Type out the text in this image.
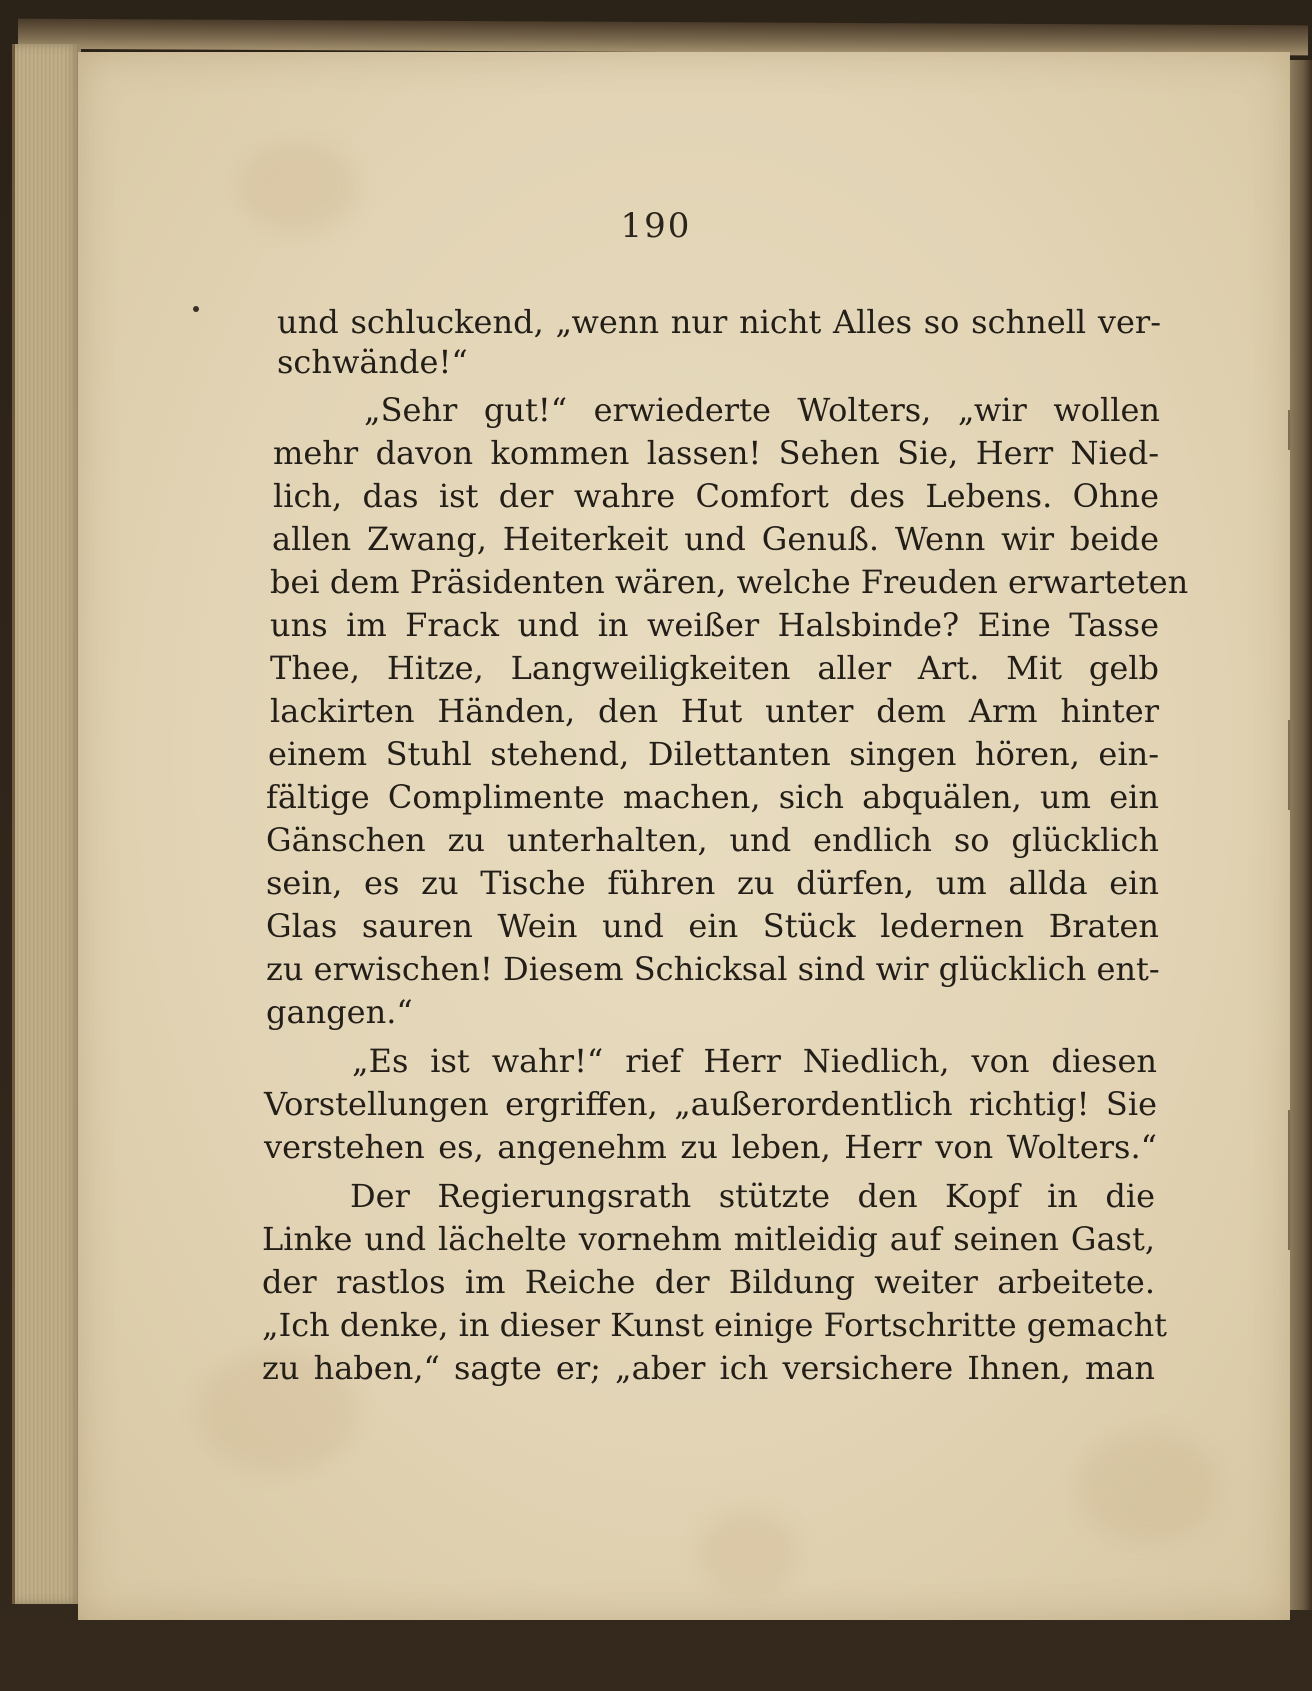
190
und schluckend, „wenn nur nicht Alles so schnell ver-
schwände!“
„Sehr gut!“ erwiederte Wolters, „wir wollen
mehr davon kommen lassen! Sehen Sie, Herr Nied-
lich, das ist der wahre Comfort des Lebens. Ohne
allen Zwang, Heiterkeit und Genuß. Wenn wir beide
bei dem Präsidenten wären, welche Freuden erwarteten
uns im Frack und in weißer Halsbinde? Eine Tasse
Thee, Hitze, Langweiligkeiten aller Art. Mit gelb
lackirten Händen, den Hut unter dem Arm hinter
einem Stuhl stehend, Dilettanten singen hören, ein-
fältige Complimente machen, sich abquälen, um ein
Gänschen zu unterhalten, und endlich so glücklich
sein, es zu Tische führen zu dürfen, um allda ein
Glas sauren Wein und ein Stück ledernen Braten
zu erwischen! Diesem Schicksal sind wir glücklich ent-
gangen.“
„Es ist wahr!“ rief Herr Niedlich, von diesen
Vorstellungen ergriffen, „außerordentlich richtig! Sie
verstehen es, angenehm zu leben, Herr von Wolters.“
Der Regierungsrath stützte den Kopf in die
Linke und lächelte vornehm mitleidig auf seinen Gast,
der rastlos im Reiche der Bildung weiter arbeitete.
„Ich denke, in dieser Kunst einige Fortschritte gemacht
zu haben,“ sagte er; „aber ich versichere Ihnen, man
